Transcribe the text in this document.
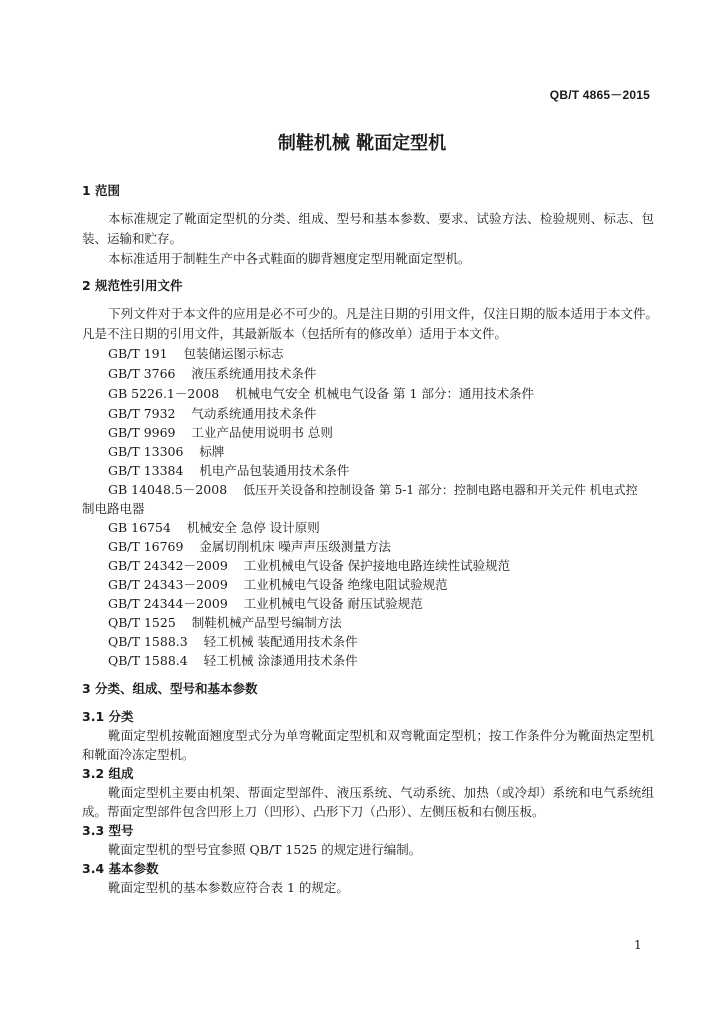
QB/T 4865－2015
制鞋机械 靴面定型机
1 范围
本标准规定了靴面定型机的分类、组成、型号和基本参数、要求、试验方法、检验规则、标志、包
装、运输和贮存。
本标准适用于制鞋生产中各式鞋面的脚背翘度定型用靴面定型机。
2 规范性引用文件
下列文件对于本文件的应用是必不可少的。凡是注日期的引用文件，仅注日期的版本适用于本文件。
凡是不注日期的引用文件，其最新版本（包括所有的修改单）适用于本文件。
GB/T 191 包装储运图示标志
GB/T 3766 液压系统通用技术条件
GB 5226.1－2008 机械电气安全 机械电气设备 第 1 部分：通用技术条件
GB/T 7932 气动系统通用技术条件
GB/T 9969 工业产品使用说明书 总则
GB/T 13306 标牌
GB/T 13384 机电产品包装通用技术条件
GB 14048.5－2008 低压开关设备和控制设备 第 5-1 部分：控制电路电器和开关元件 机电式控
制电路电器
GB 16754 机械安全 急停 设计原则
GB/T 16769 金属切削机床 噪声声压级测量方法
GB/T 24342－2009 工业机械电气设备 保护接地电路连续性试验规范
GB/T 24343－2009 工业机械电气设备 绝缘电阻试验规范
GB/T 24344－2009 工业机械电气设备 耐压试验规范
QB/T 1525 制鞋机械产品型号编制方法
QB/T 1588.3 轻工机械 装配通用技术条件
QB/T 1588.4 轻工机械 涂漆通用技术条件
3 分类、组成、型号和基本参数
3.1 分类
靴面定型机按靴面翘度型式分为单弯靴面定型机和双弯靴面定型机；按工作条件分为靴面热定型机
和靴面冷冻定型机。
3.2 组成
靴面定型机主要由机架、帮面定型部件、液压系统、气动系统、加热（或冷却）系统和电气系统组
成。帮面定型部件包含凹形上刀（凹形）、凸形下刀（凸形）、左侧压板和右侧压板。
3.3 型号
靴面定型机的型号宜参照 QB/T 1525 的规定进行编制。
3.4 基本参数
靴面定型机的基本参数应符合表 1 的规定。
1
